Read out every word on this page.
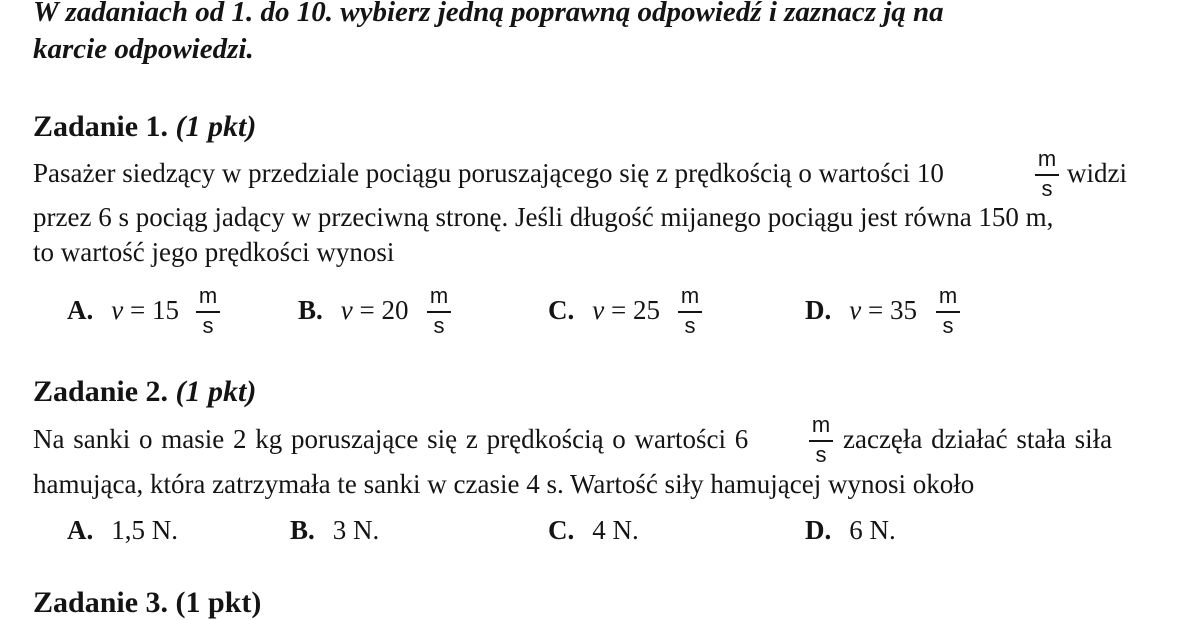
W zadaniach od 1. do 10. wybierz jedną poprawną odpowiedź i zaznacz ją na
karcie odpowiedzi.
Zadanie 1. (1 pkt)
Pasażer siedzący w przedziale pociągu poruszającego się z prędkością o wartości 10	m
s
widzi
przez 6 s pociąg jadący w przeciwną stronę. Jeśli długość mijanego pociągu jest równa 150 m,
to wartość jego prędkości wynosi
A. v = 15 m
s
B. v = 20 m
s
C. v = 25 m
s
D. v = 35 m
s
Zadanie 2. (1 pkt)
Na sanki o masie 2 kg poruszające się z prędkością o wartości 6	m
s
zaczęła działać stała siła
hamująca, która zatrzymała te sanki w czasie 4 s. Wartość siły hamującej wynosi około
A. 1,5 N.	B. 3 N.	C. 4 N.	D. 6 N.
Zadanie 3. (1 pkt)
